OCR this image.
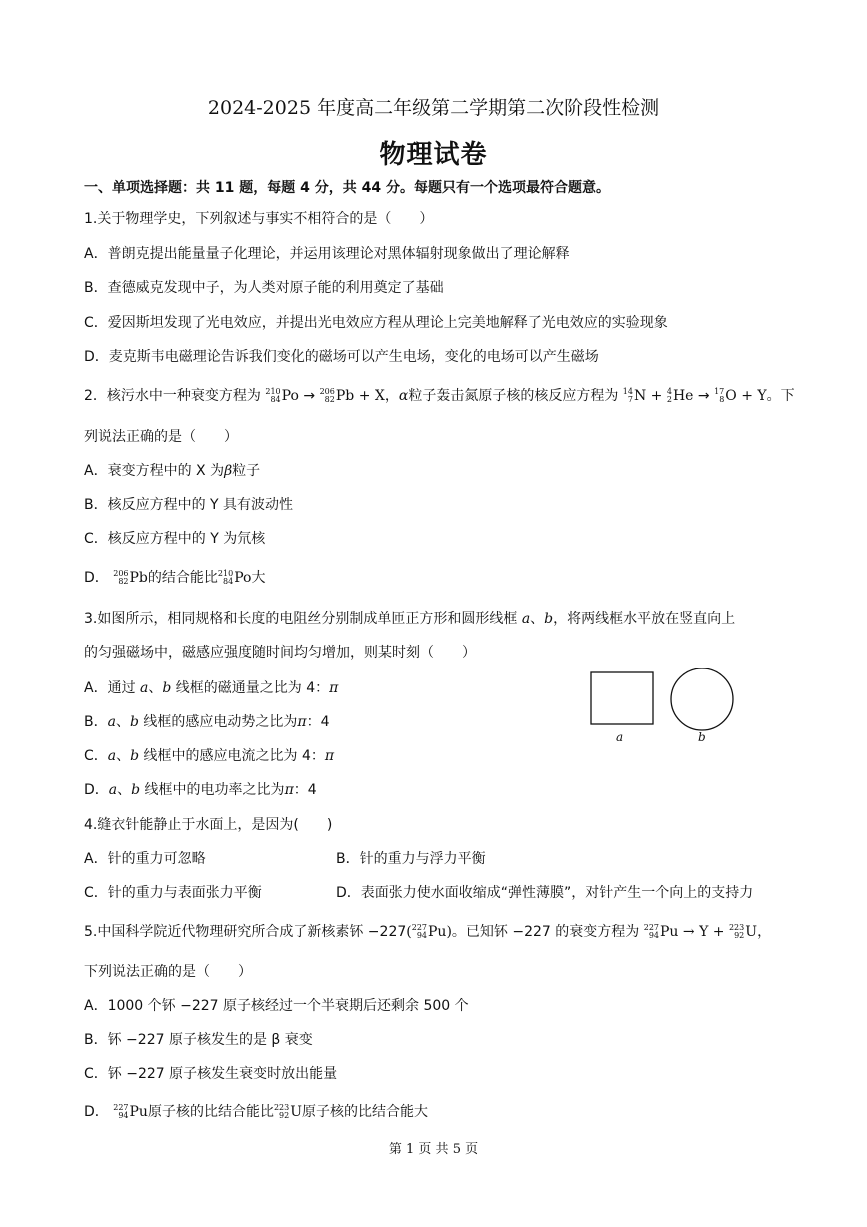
2024-2025 年度高二年级第二学期第二次阶段性检测
物理试卷
一、单项选择题：共 11 题，每题 4 分，共 44 分。每题只有一个选项最符合题意。
1.关于物理学史，下列叙述与事实不相符合的是（　　）
A．普朗克提出能量量子化理论，并运用该理论对黑体辐射现象做出了理论解释
B．查德威克发现中子，为人类对原子能的利用奠定了基础
C．爱因斯坦发现了光电效应，并提出光电效应方程从理论上完美地解释了光电效应的实验现象
D．麦克斯韦电磁理论告诉我们变化的磁场可以产生电场，变化的电场可以产生磁场
2．核污水中一种衰变方程为 210
84 Po → 206
82 Pb + X，α粒子轰击氮原子核的核反应方程为 14
7 N + 4
2 He → 17
8 O + Y。下
列说法正确的是（　　）
A．衰变方程中的 X 为β粒子
B．核反应方程中的 Y 具有波动性
C．核反应方程中的 Y 为氘核
D． 206
82 Pb的结合能比 210
84 Po大
3.如图所示，相同规格和长度的电阻丝分别制成单匝正方形和圆形线框 a、b，将两线框水平放在竖直向上
的匀强磁场中，磁感应强度随时间均匀增加，则某时刻（　　）
A．通过 a、b 线框的磁通量之比为 4：π
B．a、b 线框的感应电动势之比为π：4
C．a、b 线框中的感应电流之比为 4：π
D．a、b 线框中的电功率之比为π：4
a	b
4.缝衣针能静止于水面上，是因为(　　)
A．针的重力可忽略	B．针的重力与浮力平衡
C．针的重力与表面张力平衡	D．表面张力使水面收缩成“弹性薄膜”，对针产生一个向上的支持力
5.中国科学院近代物理研究所合成了新核素钚 −227( 227
94 Pu)。已知钚 −227 的衰变方程为 227
94 Pu → Y + 223
92 U，
下列说法正确的是（　　）
A．1000 个钚 −227 原子核经过一个半衰期后还剩余 500 个
B．钚 −227 原子核发生的是 β 衰变
C．钚 −227 原子核发生衰变时放出能量
D． 227
94 Pu原子核的比结合能比 223
92 U原子核的比结合能大
第 1 页 共 5 页
